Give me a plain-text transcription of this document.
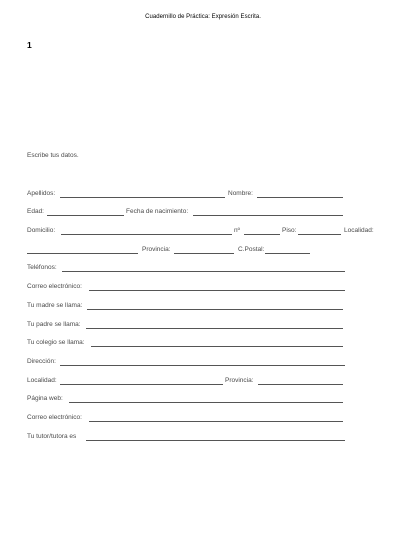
Cuadernillo de Práctica: Expresión Escrita.
1
Escribe tus datos.
Apellidos:	Nombre:
Edad:	Fecha de nacimiento:
Domicilio:	nº	Piso:	Localidad:
Provincia:	C.Postal:
Teléfonos:
Correo electrónico:
Tu madre se llama:
Tu padre se llama:
Tu colegio se llama:
Dirección:
Localidad:	Provincia:
Página web:
Correo electrónico:
Tu tutor/tutora es
